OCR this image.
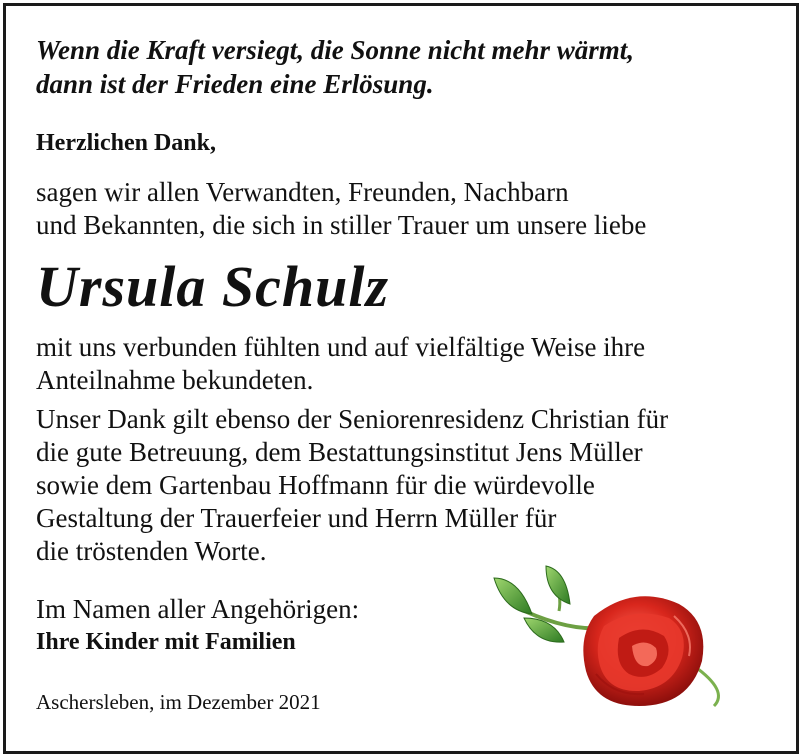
Wenn die Kraft versiegt, die Sonne nicht mehr wärmt,
dann ist der Frieden eine Erlösung.
Herzlichen Dank,
sagen wir allen Verwandten, Freunden, Nachbarn
und Bekannten, die sich in stiller Trauer um unsere liebe
Ursula Schulz
mit uns verbunden fühlten und auf vielfältige Weise ihre
Anteilnahme bekundeten.
Unser Dank gilt ebenso der Seniorenresidenz Christian für
die gute Betreuung, dem Bestattungsinstitut Jens Müller
sowie dem Gartenbau Hoffmann für die würdevolle
Gestaltung der Trauerfeier und Herrn Müller für
die tröstenden Worte.
Im Namen aller Angehörigen:
Ihre Kinder mit Familien
Aschersleben, im Dezember 2021
